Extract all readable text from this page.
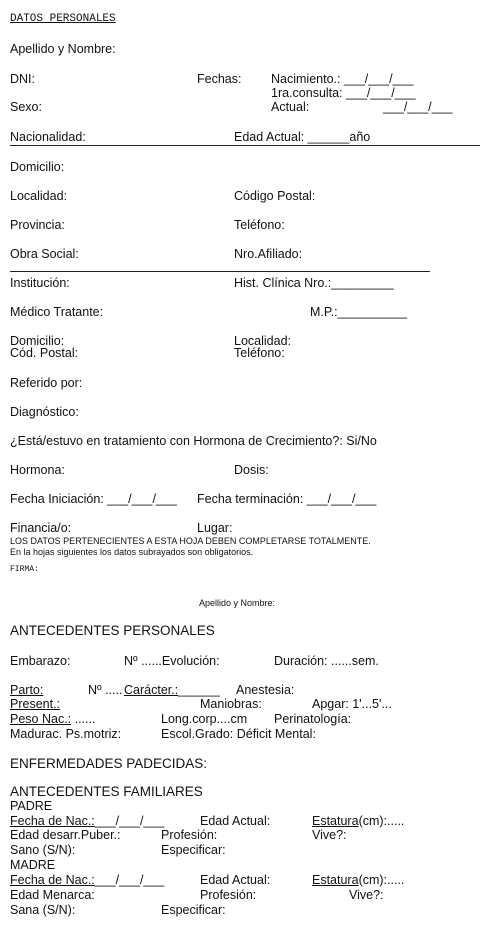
DATOS PERSONALES
Apellido y Nombre:
DNI:	Fechas: Nacimiento.: ___/___/___
1ra.consulta: ___/___/___
Sexo:	Actual:	___/___/___
Nacionalidad:	Edad Actual: ______año
Domicilio:
Localidad:	Código Postal:
Provincia:	Teléfono:
Obra Social:	Nro.Afiliado:
Institución:	Hist. Clínica Nro.:_________
Médico Tratante:	M.P.:__________
Domicilio:	Localidad:
Cód. Postal:	Teléfono:
Referido por:
Diagnóstico:
¿Está/estuvo en tratamiento con Hormona de Crecimiento?: Si/No
Hormona:	Dosis:
Fecha Iniciación: ___/___/___ Fecha terminación: ___/___/___
Financia/o:	Lugar:
LOS DATOS PERTENECIENTES A ESTA HOJA DEBEN COMPLETARSE TOTALMENTE.
En la hojas siguientes los datos subrayados son obligatorios.
FIRMA:
Apellido y Nombre:
ANTECEDENTES PERSONALES
Embarazo:	Nº ......Evolución:	Duración: ......sem.
Parto:	Nº ..... Carácter.: ______ Anestesia:
Present.:	Maniobras:	Apgar: 1'...5'...
Peso Nac.: ......	Long.corp....cm Perinatología:
Madurac. Ps.motriz:	Escol.Grado: Déficit Mental:
ENFERMEDADES PADECIDAS:
ANTECEDENTES FAMILIARES
PADRE
Fecha de Nac.:___/___/___	Edad Actual:	Estatura(cm):.....
Edad desarr.Puber.:	Profesión:	Vive?:
Sano (S/N):	Especificar:
MADRE
Fecha de Nac.:___/___/___	Edad Actual:	Estatura(cm):.....
Edad Menarca:	Profesión:	Vive?:
Sana (S/N):	Especificar:
